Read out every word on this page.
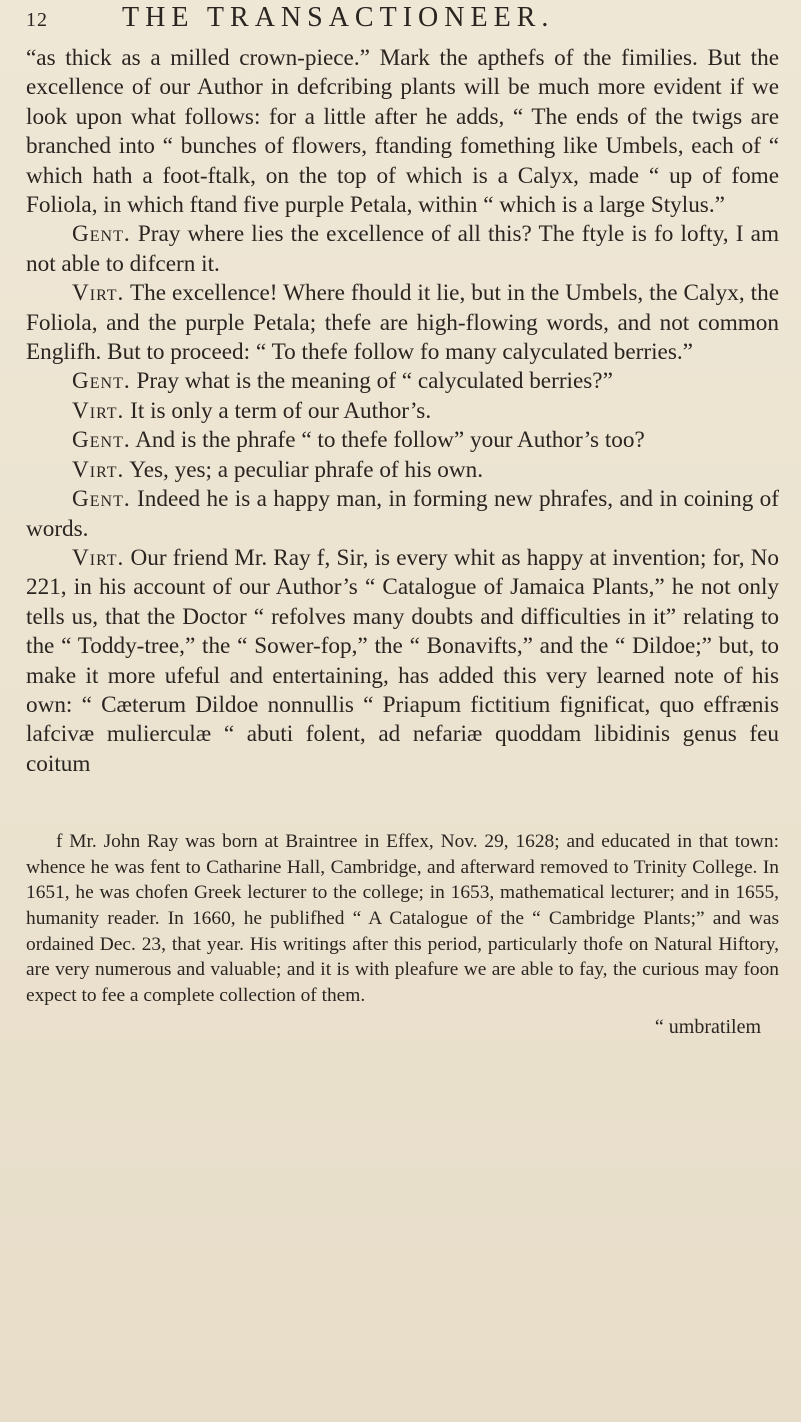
12	THE TRANSACTIONEER.

“as thick as a milled crown-piece.” Mark the apthefs of the fimilies. But the excellence of our Author in defcribing plants will be much more evident if we look upon what follows: for a little after he adds, “ The ends of the twigs are branched into “ bunches of flowers, ftanding fomething like Umbels, each of “ which hath a foot-ftalk, on the top of which is a Calyx, made “ up of fome Foliola, in which ftand five purple Petala, within “ which is a large Stylus.”

Gent. Pray where lies the excellence of all this? The ftyle is fo lofty, I am not able to difcern it.

Virt. The excellence! Where fhould it lie, but in the Umbels, the Calyx, the Foliola, and the purple Petala; thefe are high-flowing words, and not common Englifh. But to proceed: “ To thefe follow fo many calyculated berries.”

Gent. Pray what is the meaning of “ calyculated berries?”

Virt. It is only a term of our Author’s.

Gent. And is the phrafe “ to thefe follow” your Author’s too?

Virt. Yes, yes; a peculiar phrafe of his own.

Gent. Indeed he is a happy man, in forming new phrafes, and in coining of words.

Virt. Our friend Mr. Ray f, Sir, is every whit as happy at invention; for, No 221, in his account of our Author’s “ Catalogue of Jamaica Plants,” he not only tells us, that the Doctor “ refolves many doubts and difficulties in it” relating to the “ Toddy-tree,” the “ Sower-fop,” the “ Bonavifts,” and the “ Dildoe;” but, to make it more ufeful and entertaining, has added this very learned note of his own: “ Cæterum Dildoe nonnullis “ Priapum fictitium fignificat, quo effrænis lafcivæ mulierculæ “ abuti folent, ad nefariæ quoddam libidinis genus feu coitum

f Mr. John Ray was born at Braintree in Effex, Nov. 29, 1628; and educated in that town: whence he was fent to Catharine Hall, Cambridge, and afterward removed to Trinity College. In 1651, he was chofen Greek lecturer to the college; in 1653, mathematical lecturer; and in 1655, humanity reader. In 1660, he publifhed “ A Catalogue of the “ Cambridge Plants;” and was ordained Dec. 23, that year. His writings after this period, particularly thofe on Natural Hiftory, are very numerous and valuable; and it is with pleafure we are able to fay, the curious may foon expect to fee a complete collection of them.

“ umbratilem
